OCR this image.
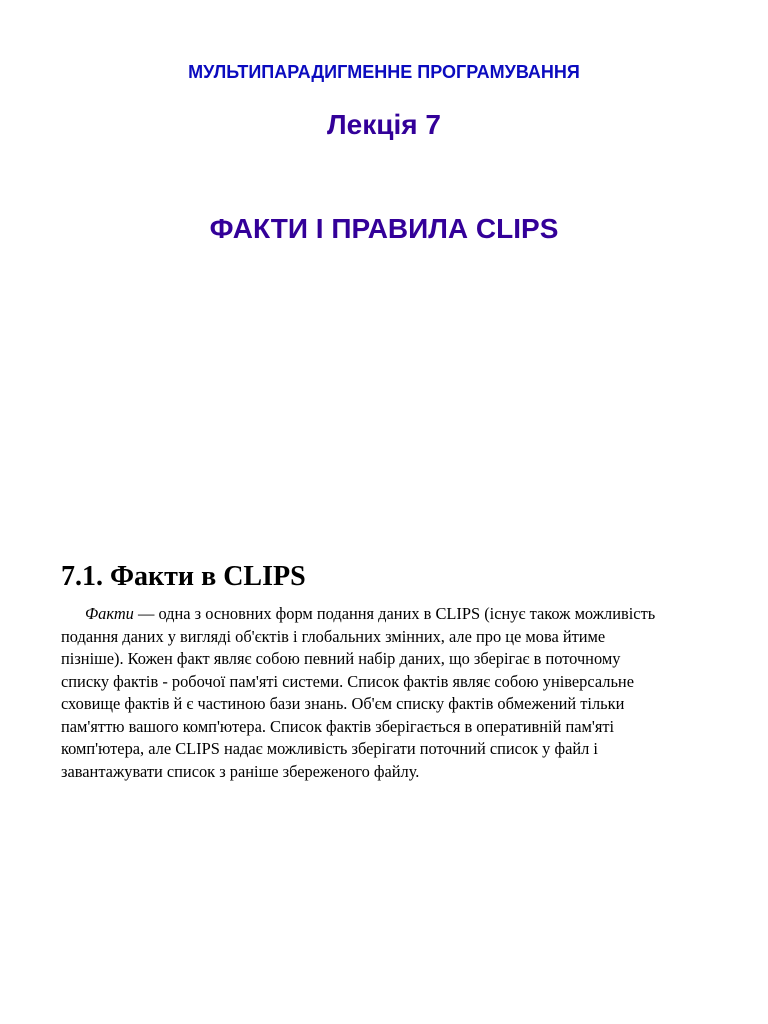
МУЛЬТИПАРАДИГМЕННЕ ПРОГРАМУВАННЯ
Лекція 7
ФАКТИ І ПРАВИЛА CLIPS
7.1. Факти в CLIPS

Факти — одна з основних форм подання даних в CLIPS (існує також можливість
подання даних у вигляді об'єктів і глобальних змінних, але про це мова йтиме
пізніше). Кожен факт являє собою певний набір даних, що зберігає в поточному
списку фактів - робочої пам'яті системи. Список фактів являє собою універсальне
сховище фактів й є частиною бази знань. Об'єм списку фактів обмежений тільки
пам'яттю вашого комп'ютера. Список фактів зберігається в оперативній пам'яті
комп'ютера, але CLIPS надає можливість зберігати поточний список у файл і
завантажувати список з раніше збереженого файлу.
